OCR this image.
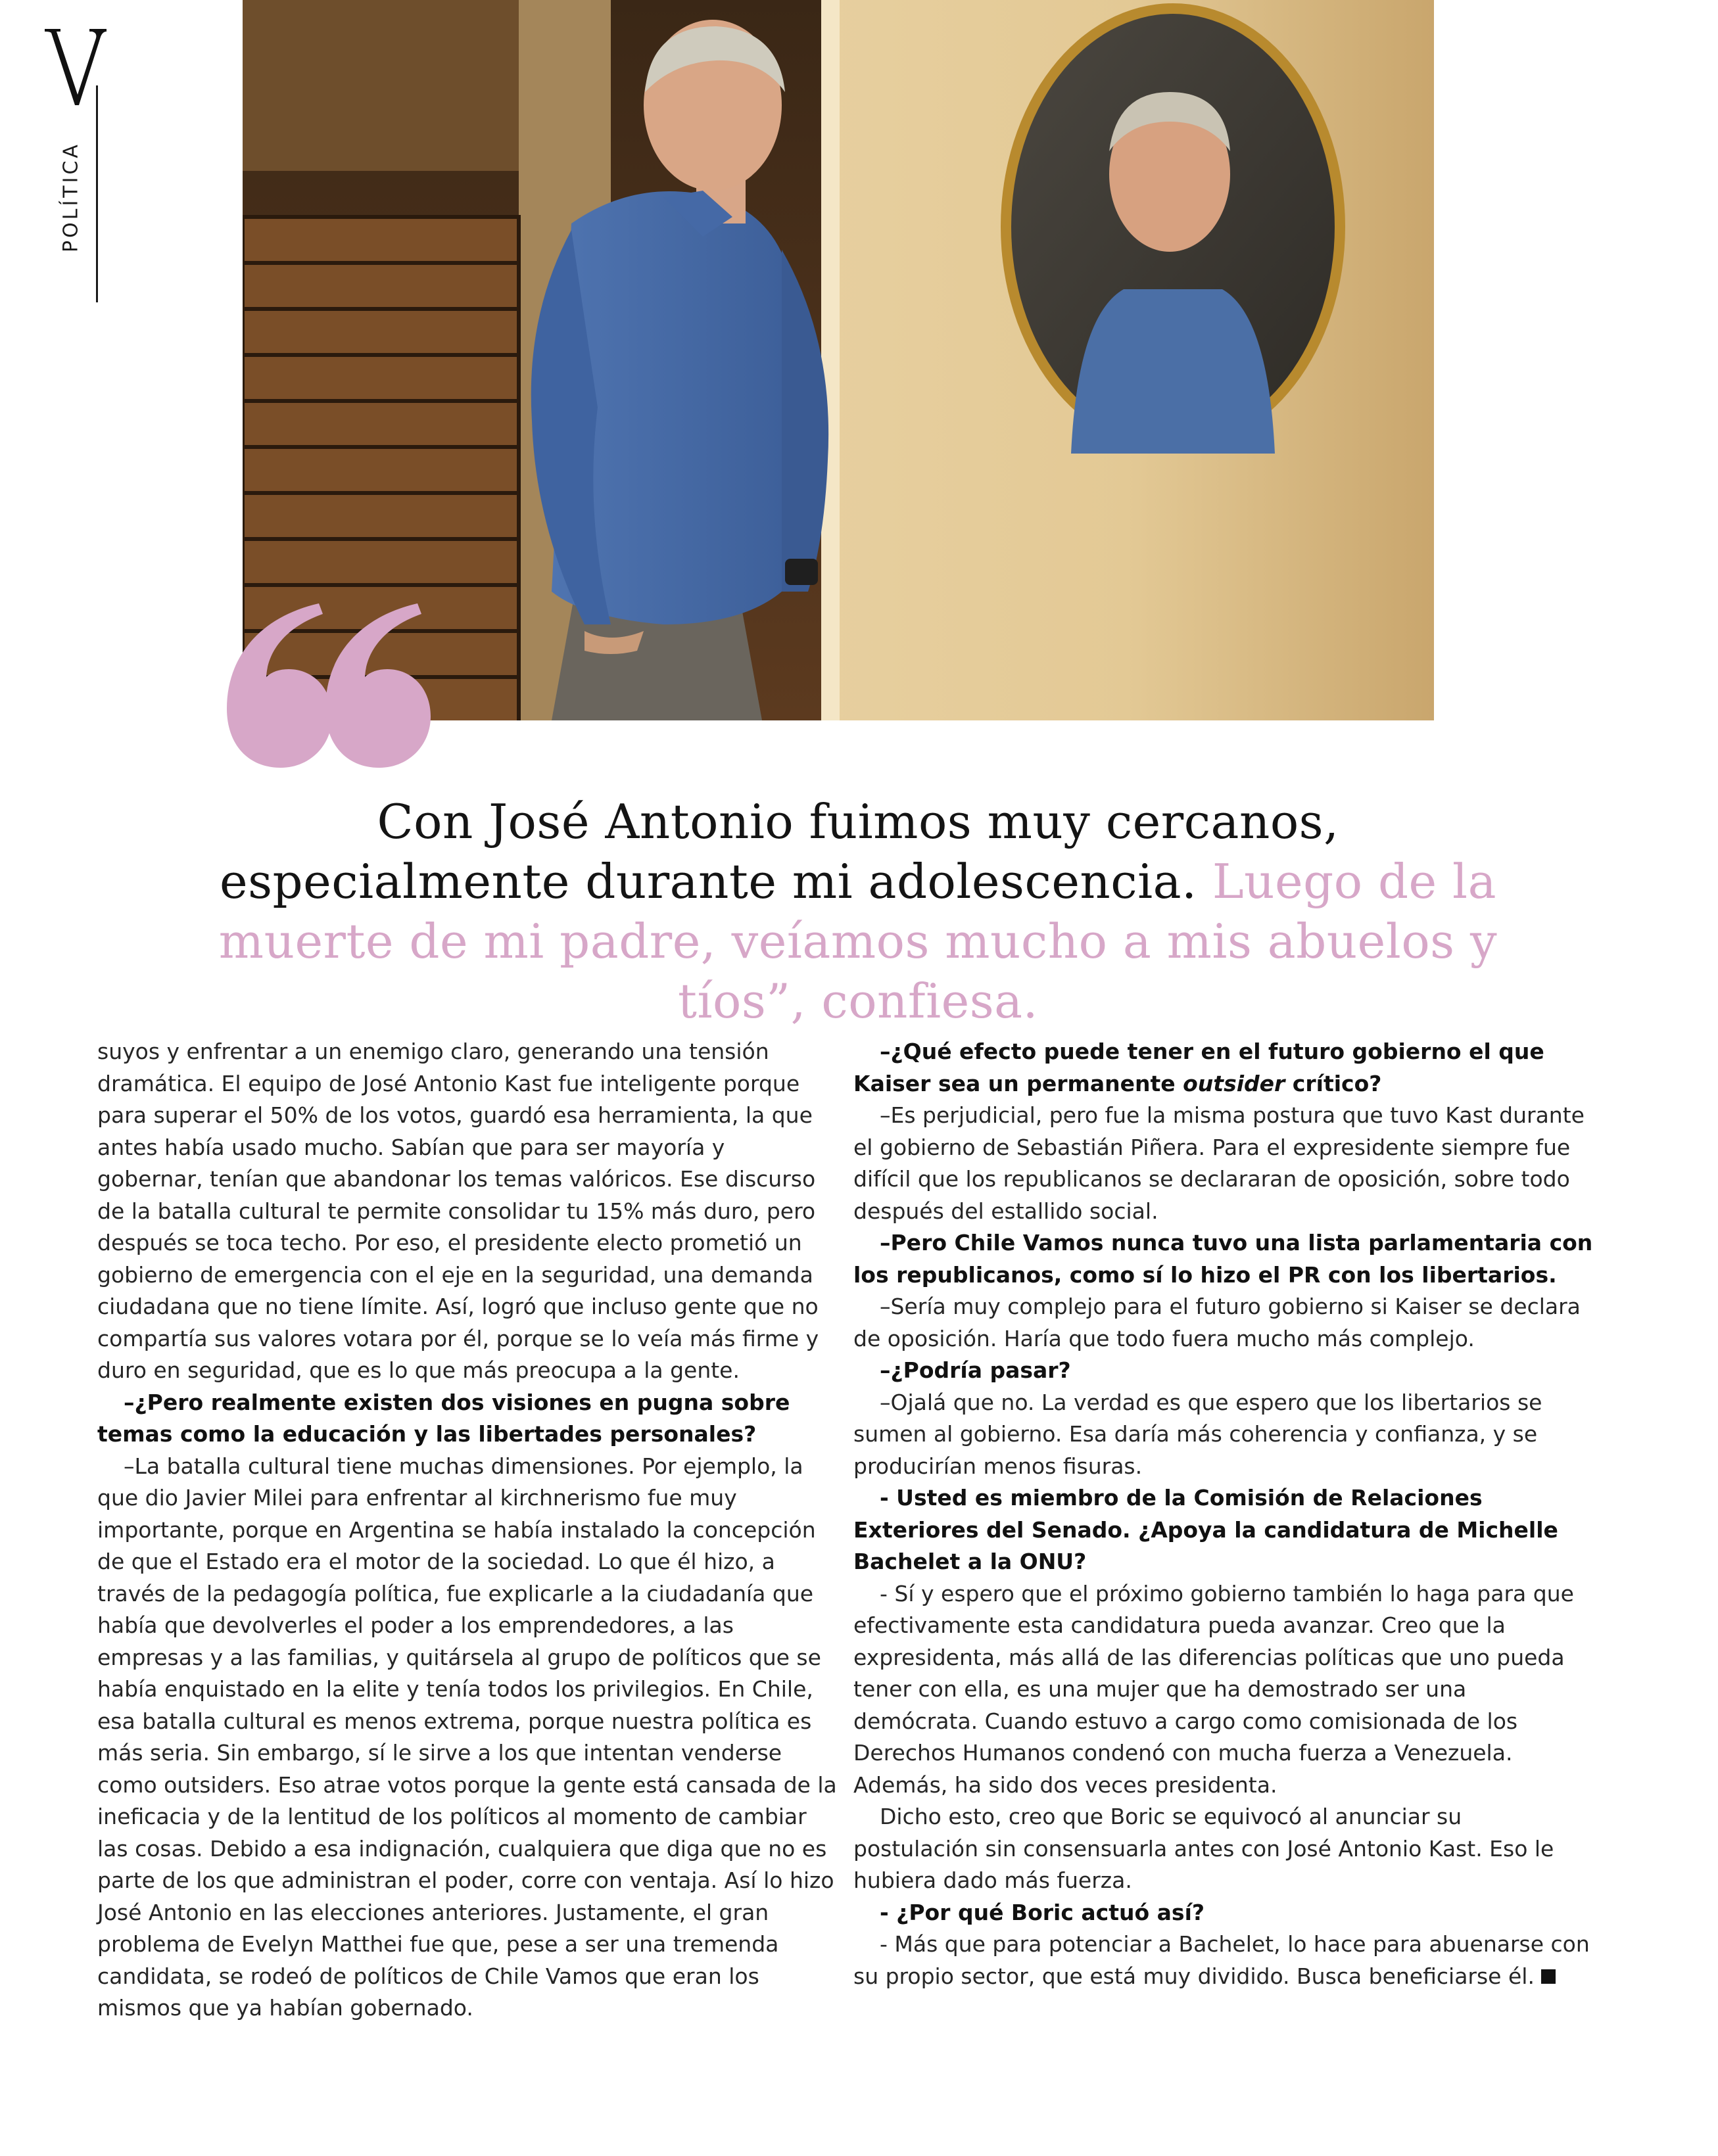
POLÍTICA
Con José Antonio fuimos muy cercanos, especialmente durante mi adolescencia. Luego de la muerte de mi padre, veíamos mucho a mis abuelos y tíos”, confiesa.

suyos y enfrentar a un enemigo claro, generando una tensión dramática. El equipo de José Antonio Kast fue inteligente porque para superar el 50% de los votos, guardó esa herramienta, la que antes había usado mucho. Sabían que para ser mayoría y gobernar, tenían que abandonar los temas valóricos. Ese discurso de la batalla cultural te permite consolidar tu 15% más duro, pero después se toca techo. Por eso, el presidente electo prometió un gobierno de emergencia con el eje en la seguridad, una demanda ciudadana que no tiene límite. Así, logró que incluso gente que no compartía sus valores votara por él, porque se lo veía más firme y duro en seguridad, que es lo que más preocupa a la gente.

–¿Pero realmente existen dos visiones en pugna sobre temas como la educación y las libertades personales?

–La batalla cultural tiene muchas dimensiones. Por ejemplo, la que dio Javier Milei para enfrentar al kirchnerismo fue muy importante, porque en Argentina se había instalado la concepción de que el Estado era el motor de la sociedad. Lo que él hizo, a través de la pedagogía política, fue explicarle a la ciudadanía que había que devolverles el poder a los emprendedores, a las empresas y a las familias, y quitársela al grupo de políticos que se había enquistado en la elite y tenía todos los privilegios. En Chile, esa batalla cultural es menos extrema, porque nuestra política es más seria. Sin embargo, sí le sirve a los que intentan venderse como outsiders. Eso atrae votos porque la gente está cansada de la ineficacia y de la lentitud de los políticos al momento de cambiar las cosas. Debido a esa indignación, cualquiera que diga que no es parte de los que administran el poder, corre con ventaja. Así lo hizo José Antonio en las elecciones anteriores. Justamente, el gran problema de Evelyn Matthei fue que, pese a ser una tremenda candidata, se rodeó de políticos de Chile Vamos que eran los mismos que ya habían gobernado.

–¿Qué efecto puede tener en el futuro gobierno el que Kaiser sea un permanente outsider crítico?

–Es perjudicial, pero fue la misma postura que tuvo Kast durante el gobierno de Sebastián Piñera. Para el expresidente siempre fue difícil que los republicanos se declararan de oposición, sobre todo después del estallido social.

–Pero Chile Vamos nunca tuvo una lista parlamentaria con los republicanos, como sí lo hizo el PR con los libertarios.

–Sería muy complejo para el futuro gobierno si Kaiser se declara de oposición. Haría que todo fuera mucho más complejo.

–¿Podría pasar?

–Ojalá que no. La verdad es que espero que los libertarios se sumen al gobierno. Esa daría más coherencia y confianza, y se producirían menos fisuras.

- Usted es miembro de la Comisión de Relaciones Exteriores del Senado. ¿Apoya la candidatura de Michelle Bachelet a la ONU?

- Sí y espero que el próximo gobierno también lo haga para que efectivamente esta candidatura pueda avanzar. Creo que la expresidenta, más allá de las diferencias políticas que uno pueda tener con ella, es una mujer que ha demostrado ser una demócrata. Cuando estuvo a cargo como comisionada de los Derechos Humanos condenó con mucha fuerza a Venezuela. Además, ha sido dos veces presidenta.

Dicho esto, creo que Boric se equivocó al anunciar su postulación sin consensuarla antes con José Antonio Kast. Eso le hubiera dado más fuerza.

- ¿Por qué Boric actuó así?

- Más que para potenciar a Bachelet, lo hace para abuenarse con su propio sector, que está muy dividido. Busca beneficiarse él.
